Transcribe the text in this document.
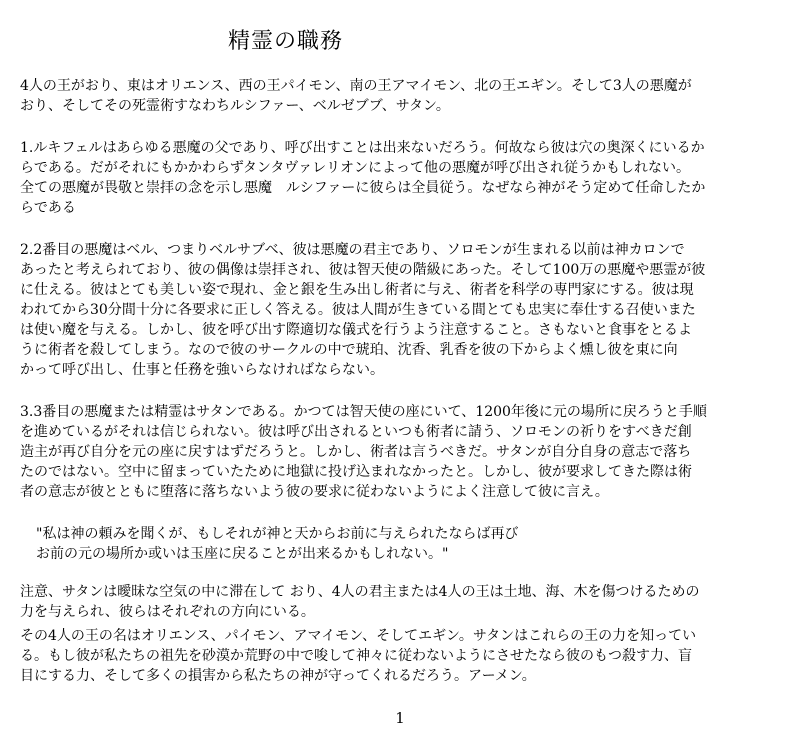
精霊の職務

4人の王がおり、東はオリエンス、西の王パイモン、南の王アマイモン、北の王エギン。そして3人の悪魔が
おり、そしてその死霊術すなわちルシファー、ベルゼブブ、サタン。

1.ルキフェルはあらゆる悪魔の父であり、呼び出すことは出来ないだろう。何故なら彼は穴の奥深くにいるか
らである。だがそれにもかかわらずタンタヴァレリオンによって他の悪魔が呼び出され従うかもしれない。
全ての悪魔が畏敬と崇拝の念を示し悪魔　ルシファーに彼らは全員従う。なぜなら神がそう定めて任命したか
らである

2.2番目の悪魔はベル、つまりベルサブベ、彼は悪魔の君主であり、ソロモンが生まれる以前は神カロンで
あったと考えられており、彼の偶像は崇拝され、彼は智天使の階級にあった。そして100万の悪魔や悪霊が彼
に仕える。彼はとても美しい姿で現れ、金と銀を生み出し術者に与え、術者を科学の専門家にする。彼は現
われてから30分間十分に各要求に正しく答える。彼は人間が生きている間とても忠実に奉仕する召使いまた
は使い魔を与える。しかし、彼を呼び出す際適切な儀式を行うよう注意すること。さもないと食事をとるよ
うに術者を殺してしまう。なので彼のサークルの中で琥珀、沈香、乳香を彼の下からよく燻し彼を東に向
かって呼び出し、仕事と任務を強いらなければならない。

3.3番目の悪魔または精霊はサタンである。かつては智天使の座にいて、1200年後に元の場所に戻ろうと手順
を進めているがそれは信じられない。彼は呼び出されるといつも術者に請う、ソロモンの祈りをすべきだ創
造主が再び自分を元の座に戻すはずだろうと。しかし、術者は言うべきだ。サタンが自分自身の意志で落ち
たのではない。空中に留まっていたために地獄に投げ込まれなかったと。しかし、彼が要求してきた際は術
者の意志が彼とともに堕落に落ちないよう彼の要求に従わないようによく注意して彼に言え。

"私は神の頼みを聞くが、もしそれが神と天からお前に与えられたならば再び
お前の元の場所か或いは玉座に戻ることが出来るかもしれない。"

注意、サタンは曖昧な空気の中に滞在して おり、4人の君主または4人の王は土地、海、木を傷つけるための
力を与えられ、彼らはそれぞれの方向にいる。

その4人の王の名はオリエンス、パイモン、アマイモン、そしてエギン。サタンはこれらの王の力を知ってい
る。もし彼が私たちの祖先を砂漠か荒野の中で唆して神々に従わないようにさせたなら彼のもつ殺す力、盲
目にする力、そして多くの損害から私たちの神が守ってくれるだろう。アーメン。

1
